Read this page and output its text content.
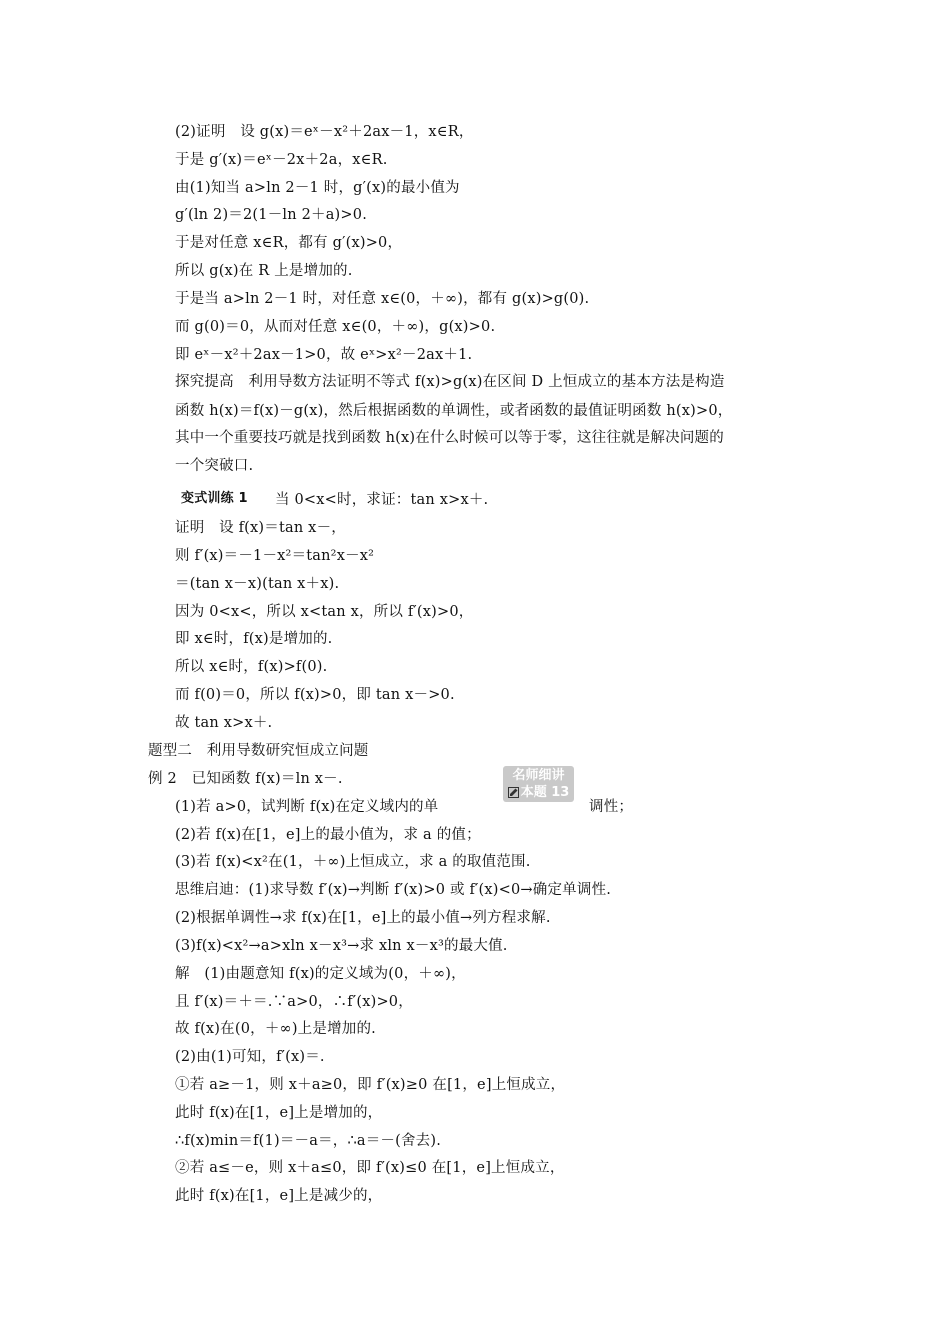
(2)证明　设 g(x)＝eˣ－x²＋2ax－1，x∈R，
于是 g′(x)＝eˣ－2x＋2a，x∈R.
由(1)知当 a>ln 2－1 时，g′(x)的最小值为
g′(ln 2)＝2(1－ln 2＋a)>0.
于是对任意 x∈R，都有 g′(x)>0，
所以 g(x)在 R 上是增加的.
于是当 a>ln 2－1 时，对任意 x∈(0，＋∞)，都有 g(x)>g(0).
而 g(0)＝0，从而对任意 x∈(0，＋∞)，g(x)>0.
即 eˣ－x²＋2ax－1>0，故 eˣ>x²－2ax＋1.
探究提高　利用导数方法证明不等式 f(x)>g(x)在区间 D 上恒成立的基本方法是构造
函数 h(x)＝f(x)－g(x)，然后根据函数的单调性，或者函数的最值证明函数 h(x)>0，
其中一个重要技巧就是找到函数 h(x)在什么时候可以等于零，这往往就是解决问题的
一个突破口.
变式训练 1 当 0<x<时，求证：tan x>x＋.
证明　设 f(x)＝tan x－，
则 f′(x)＝－1－x²＝tan²x－x²
＝(tan x－x)(tan x＋x).
因为 0<x<，所以 x<tan x，所以 f′(x)>0，
即 x∈时，f(x)是增加的.
所以 x∈时，f(x)>f(0).
而 f(0)＝0，所以 f(x)>0，即 tan x－>0.
故 tan x>x＋.
题型二　利用导数研究恒成立问题
例 2　已知函数 f(x)＝ln x－.	名师细讲
本题 13
(1)若 a>0，试判断 f(x)在定义域内的单	调性；
(2)若 f(x)在[1，e]上的最小值为，求 a 的值；
(3)若 f(x)<x²在(1，＋∞)上恒成立，求 a 的取值范围.
思维启迪：(1)求导数 f′(x)→判断 f′(x)>0 或 f′(x)<0→确定单调性.
(2)根据单调性→求 f(x)在[1，e]上的最小值→列方程求解.
(3)f(x)<x²→a>xln x－x³→求 xln x－x³的最大值.
解　(1)由题意知 f(x)的定义域为(0，＋∞)，
且 f′(x)＝＋＝.∵a>0，∴f′(x)>0，
故 f(x)在(0，＋∞)上是增加的.
(2)由(1)可知，f′(x)＝.
①若 a≥－1，则 x＋a≥0，即 f′(x)≥0 在[1，e]上恒成立，
此时 f(x)在[1，e]上是增加的，
∴f(x)min＝f(1)＝－a＝，∴a＝－(舍去).
②若 a≤－e，则 x＋a≤0，即 f′(x)≤0 在[1，e]上恒成立，
此时 f(x)在[1，e]上是减少的，
